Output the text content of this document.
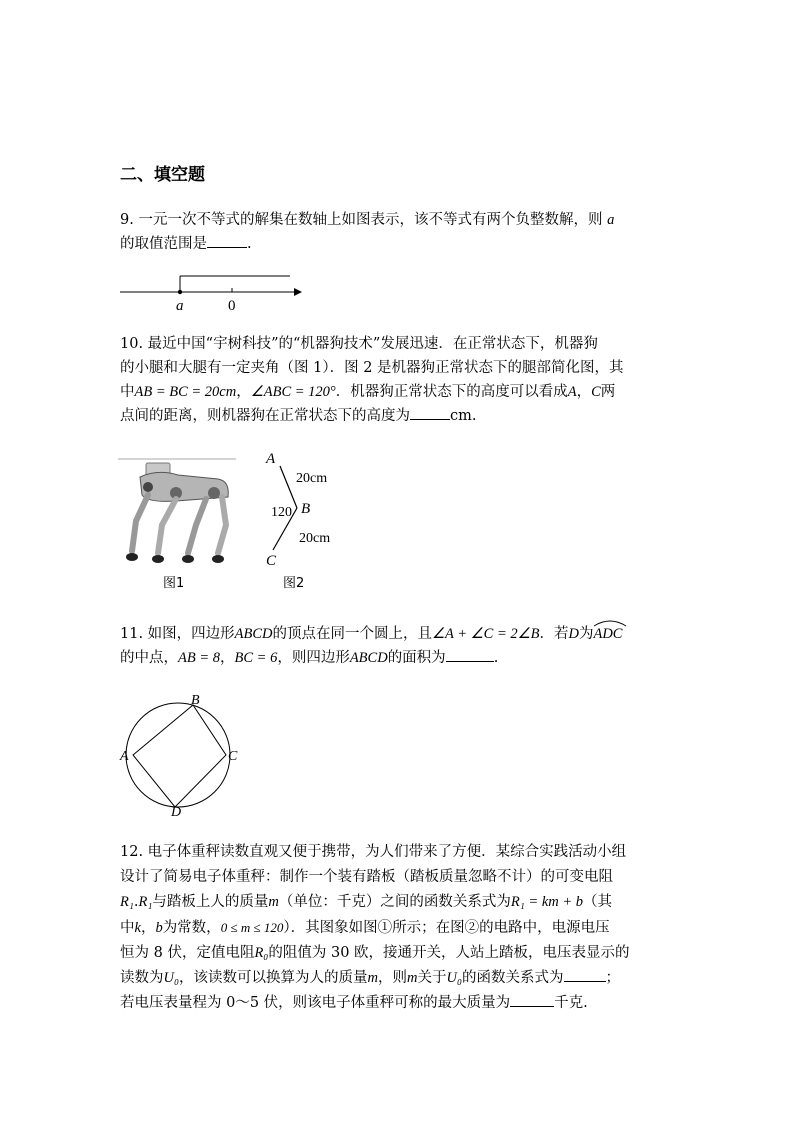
二、填空题
9. 一元一次不等式的解集在数轴上如图表示，该不等式有两个负整数解，则 a
的取值范围是	.
a	0
10. 最近中国“宇树科技”的“机器狗技术”发展迅速．在正常状态下，机器狗
的小腿和大腿有一定夹角（图 1）．图 2 是机器狗正常状态下的腿部简化图，其
中AB = BC = 20cm，∠ABC = 120°．机器狗正常状态下的高度可以看成A，C两
点间的距离，则机器狗在正常状态下的高度为	cm.
图1
A
B
C
20cm
20cm
120
图2
11. 如图，四边形ABCD的顶点在同一个圆上，且∠A + ∠C = 2∠B．若D为
ADC
的中点，AB = 8，BC = 6，则四边形ABCD的面积为	.
A
B
C
D
12. 电子体重秤读数直观又便于携带，为人们带来了方便．某综合实践活动小组
设计了简易电子体重秤：制作一个装有踏板（踏板质量忽略不计）的可变电阻
R₁.R₁与踏板上人的质量m（单位：千克）之间的函数关系式为R₁ = km + b（其
中k，b为常数，0 ≤ m ≤ 120）．其图象如图①所示；在图②的电路中，电源电压
恒为 8 伏，定值电阻R₀的阻值为 30 欧，接通开关，人站上踏板，电压表显示的
读数为U₀，该读数可以换算为人的质量m，则m关于U₀的函数关系式为	；
若电压表量程为 0～5 伏，则该电子体重秤可称的最大质量为	千克.
